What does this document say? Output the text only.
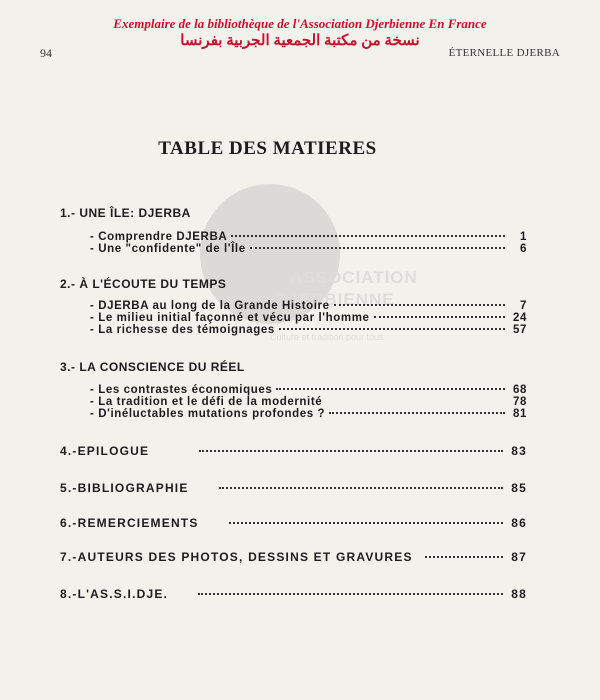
Exemplaire de la bibliothèque de l'Association Djerbienne En France
نسخة من مكتبة الجمعية الجربية بفرنسا
94	ÉTERNELLE DJERBA
ASSOCIATION
DJERBIENNE
Culture et tradition pour tous
TABLE DES MATIERES
1.- UNE ÎLE: DJERBA
- Comprendre DJERBA	1
- Une "confidente" de l'Île	6
2.- À L'ÉCOUTE DU TEMPS
- DJERBA au long de la Grande Histoire	7
- Le milieu initial façonné et vécu par l'homme	24
- La richesse des témoignages	57
3.- LA CONSCIENCE DU RÉEL
- Les contrastes économiques	68
- La tradition et le défi de la modernité	78
- D'inéluctables mutations profondes ?	81
4.-EPILOGUE	83
5.-BIBLIOGRAPHIE	85
6.-REMERCIEMENTS	86
7.-AUTEURS DES PHOTOS, DESSINS ET GRAVURES	87
8.-L'AS.S.I.DJE.	88
